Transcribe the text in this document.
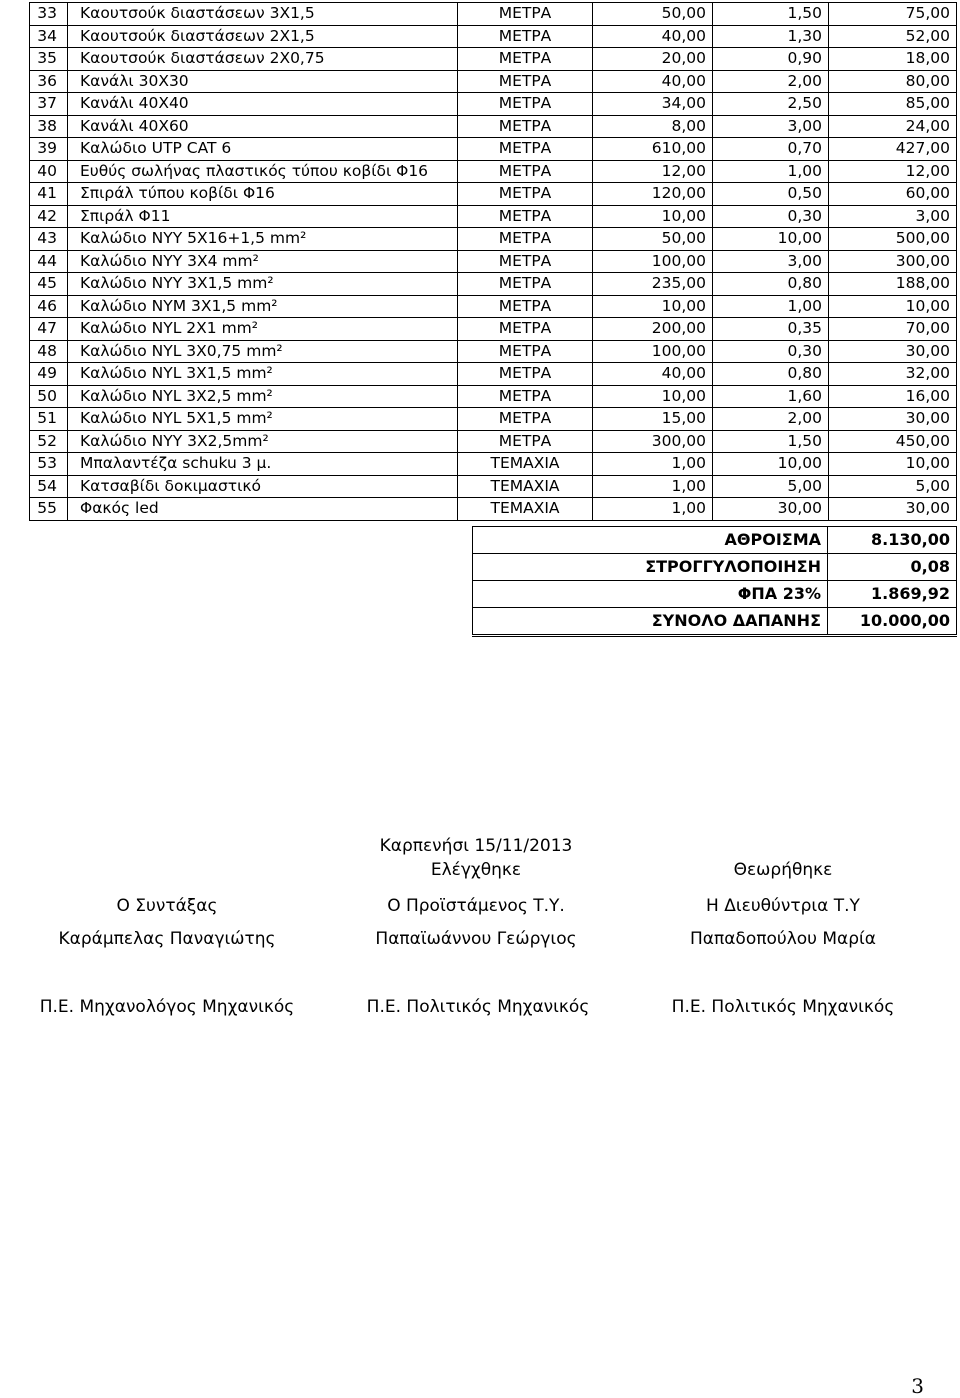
33	Καουτσούκ διαστάσεων 3Χ1,5	ΜΕΤΡΑ	50,00	1,50	75,00
34	Καουτσούκ διαστάσεων 2Χ1,5	ΜΕΤΡΑ	40,00	1,30	52,00
35	Καουτσούκ διαστάσεων 2Χ0,75	ΜΕΤΡΑ	20,00	0,90	18,00
36	Κανάλι 30Χ30	ΜΕΤΡΑ	40,00	2,00	80,00
37	Κανάλι 40Χ40	ΜΕΤΡΑ	34,00	2,50	85,00
38	Κανάλι 40Χ60	ΜΕΤΡΑ	8,00	3,00	24,00
39	Καλώδιο UTP CAT 6	ΜΕΤΡΑ	610,00	0,70	427,00
40	Ευθύς σωλήνας πλαστικός τύπου κοβίδι Φ16	ΜΕΤΡΑ	12,00	1,00	12,00
41	Σπιράλ τύπου κοβίδι Φ16	ΜΕΤΡΑ	120,00	0,50	60,00
42	Σπιράλ Φ11	ΜΕΤΡΑ	10,00	0,30	3,00
43	Καλώδιο ΝΥΥ 5Χ16+1,5 mm²	ΜΕΤΡΑ	50,00	10,00	500,00
44	Καλώδιο ΝΥΥ 3Χ4 mm²	ΜΕΤΡΑ	100,00	3,00	300,00
45	Καλώδιο ΝΥΥ 3Χ1,5 mm²	ΜΕΤΡΑ	235,00	0,80	188,00
46	Καλώδιο ΝΥΜ 3Χ1,5 mm²	ΜΕΤΡΑ	10,00	1,00	10,00
47	Καλώδιο NYL 2X1 mm²	ΜΕΤΡΑ	200,00	0,35	70,00
48	Καλώδιο NYL 3X0,75 mm²	ΜΕΤΡΑ	100,00	0,30	30,00
49	Καλώδιο NYL 3X1,5 mm²	ΜΕΤΡΑ	40,00	0,80	32,00
50	Καλώδιο NYL 3X2,5 mm²	ΜΕΤΡΑ	10,00	1,60	16,00
51	Καλώδιο NYL 5X1,5 mm²	ΜΕΤΡΑ	15,00	2,00	30,00
52	Καλώδιο ΝΥΥ 3Χ2,5mm²	ΜΕΤΡΑ	300,00	1,50	450,00
53	Μπαλαντέζα schuku 3 μ.	ΤΕΜΑΧΙΑ	1,00	10,00	10,00
54	Κατσαβίδι δοκιμαστικό	ΤΕΜΑΧΙΑ	1,00	5,00	5,00
55	Φακός led	ΤΕΜΑΧΙΑ	1,00	30,00	30,00
ΑΘΡΟΙΣΜΑ	8.130,00
ΣΤΡΟΓΓΥΛΟΠΟΙΗΣΗ	0,08
ΦΠΑ 23%	1.869,92
ΣΥΝΟΛΟ ΔΑΠΑΝΗΣ	10.000,00
Καρπενήσι 15/11/2013
Ελέγχθηκε	Θεωρήθηκε
Ο Συντάξας	Ο Προϊστάμενος Τ.Υ.	Η Διευθύντρια Τ.Υ
Καράμπελας Παναγιώτης	Παπαϊωάννου Γεώργιος	Παπαδοπούλου Μαρία
Π.Ε. Μηχανολόγος Μηχανικός	Π.Ε. Πολιτικός Μηχανικός	Π.Ε. Πολιτικός Μηχανικός
3
